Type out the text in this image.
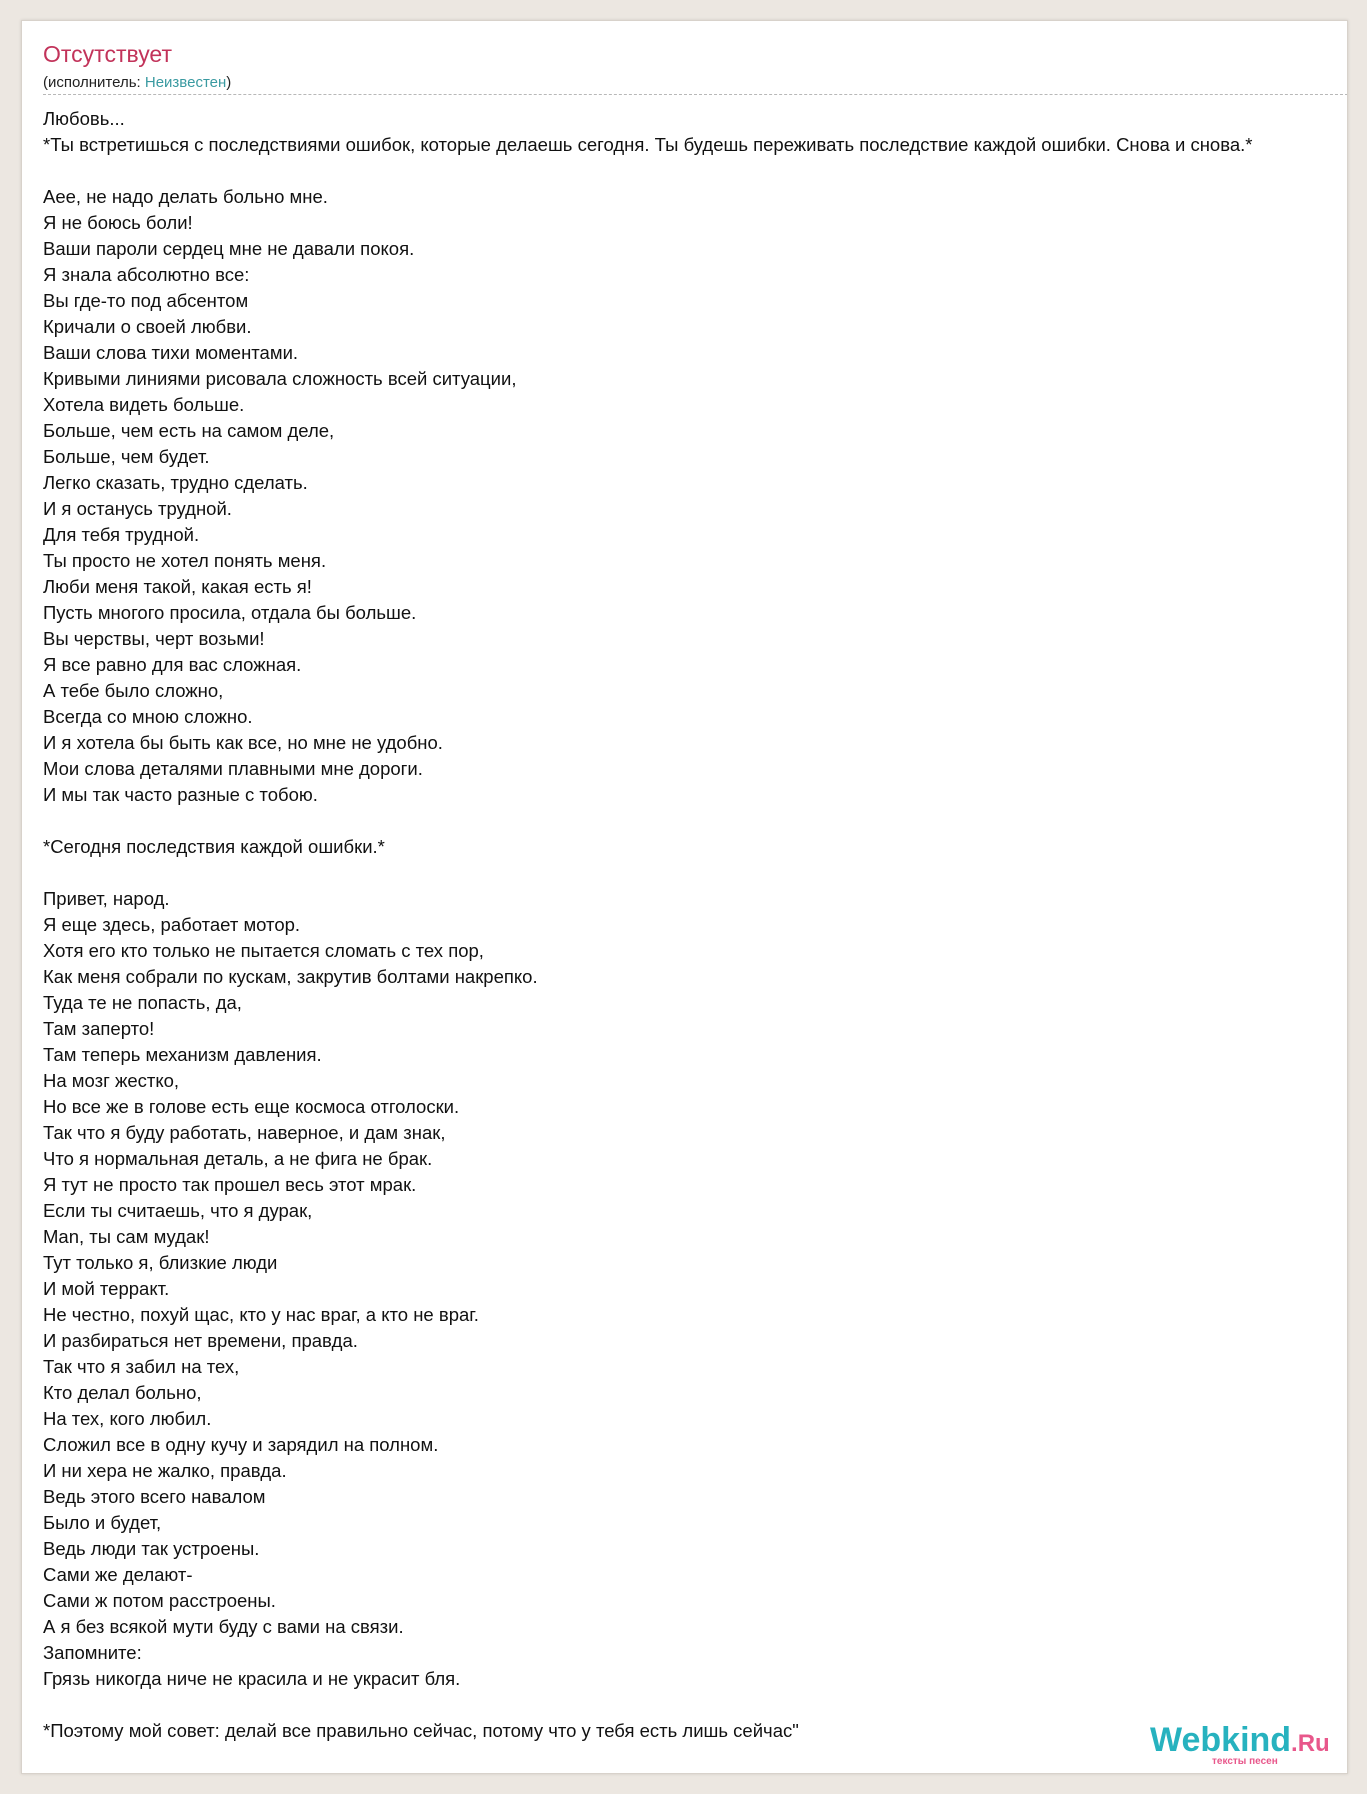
Отсутствует
(исполнитель: Неизвестен)
Любовь...
*Ты встретишься с последствиями ошибок, которые делаешь сегодня. Ты будешь переживать последствие каждой ошибки. Снова и снова.*
Аее, не надо делать больно мне.
Я не боюсь боли!
Ваши пароли сердец мне не давали покоя.
Я знала абсолютно все:
Вы где-то под абсентом
Кричали о своей любви.
Ваши слова тихи моментами.
Кривыми линиями рисовала сложность всей ситуации,
Хотела видеть больше.
Больше, чем есть на самом деле,
Больше, чем будет.
Легко сказать, трудно сделать.
И я останусь трудной.
Для тебя трудной.
Ты просто не хотел понять меня.
Люби меня такой, какая есть я!
Пусть многого просила, отдала бы больше.
Вы черствы, черт возьми!
Я все равно для вас сложная.
А тебе было сложно,
Всегда со мною сложно.
И я хотела бы быть как все, но мне не удобно.
Мои слова деталями плавными мне дороги.
И мы так часто разные с тобою.
*Сегодня последствия каждой ошибки.*
Привет, народ.
Я еще здесь, работает мотор.
Хотя его кто только не пытается сломать с тех пор,
Как меня собрали по кускам, закрутив болтами накрепко.
Туда те не попасть, да,
Там заперто!
Там теперь механизм давления.
На мозг жестко,
Но все же в голове есть еще космоса отголоски.
Так что я буду работать, наверное, и дам знак,
Что я нормальная деталь, а не фига не брак.
Я тут не просто так прошел весь этот мрак.
Если ты считаешь, что я дурак,
Man, ты сам мудак!
Тут только я, близкие люди
И мой терракт.
Не честно, похуй щас, кто у нас враг, а кто не враг.
И разбираться нет времени, правда.
Так что я забил на тех,
Кто делал больно,
На тех, кого любил.
Сложил все в одну кучу и зарядил на полном.
И ни хера не жалко, правда.
Ведь этого всего навалом
Было и будет,
Ведь люди так устроены.
Сами же делают-
Сами ж потом расстроены.
А я без всякой мути буду с вами на связи.
Запомните:
Грязь никогда ниче не красила и не украсит бля.
*Поэтому мой совет: делай все правильно сейчас, потому что у тебя есть лишь сейчас"	Webkind.Ru
тексты песен
